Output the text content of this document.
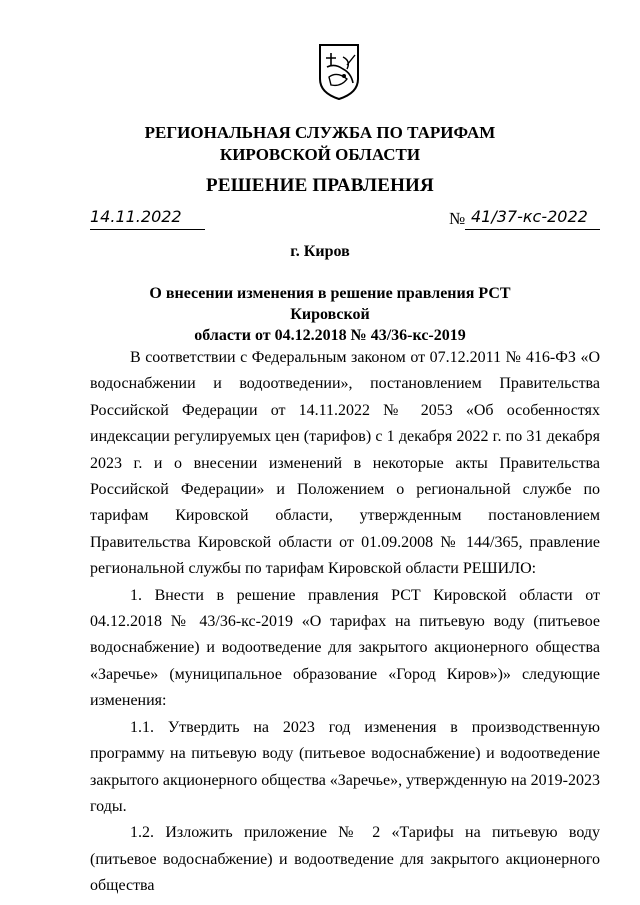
РЕГИОНАЛЬНАЯ СЛУЖБА ПО ТАРИФАМ
КИРОВСКОЙ ОБЛАСТИ
РЕШЕНИЕ ПРАВЛЕНИЯ
14.11.2022	№ 41/37-кс-2022
г. Киров
О внесении изменения в решение правления РСТ Кировской
области от 04.12.2018 № 43/36-кс-2019

В соответствии с Федеральным законом от 07.12.2011 № 416-ФЗ «О водоснабжении и водоотведении», постановлением Правительства Российской Федерации от 14.11.2022 № 2053 «Об особенностях индексации регулируемых цен (тарифов) с 1 декабря 2022 г. по 31 декабря 2023 г. и о внесении изменений в некоторые акты Правительства Российской Федерации» и Положением о региональной службе по тарифам Кировской области, утвержденным постановлением Правительства Кировской области от 01.09.2008 № 144/365, правление региональной службы по тарифам Кировской области РЕШИЛО:

1. Внести в решение правления РСТ Кировской области от 04.12.2018 № 43/36-кс-2019 «О тарифах на питьевую воду (питьевое водоснабжение) и водоотведение для закрытого акционерного общества «Заречье» (муниципальное образование «Город Киров»)» следующие изменения:

1.1. Утвердить на 2023 год изменения в производственную программу на питьевую воду (питьевое водоснабжение) и водоотведение закрытого акционерного общества «Заречье», утвержденную на 2019-2023 годы.

1.2. Изложить приложение № 2 «Тарифы на питьевую воду (питьевое водоснабжение) и водоотведение для закрытого акционерного общества
